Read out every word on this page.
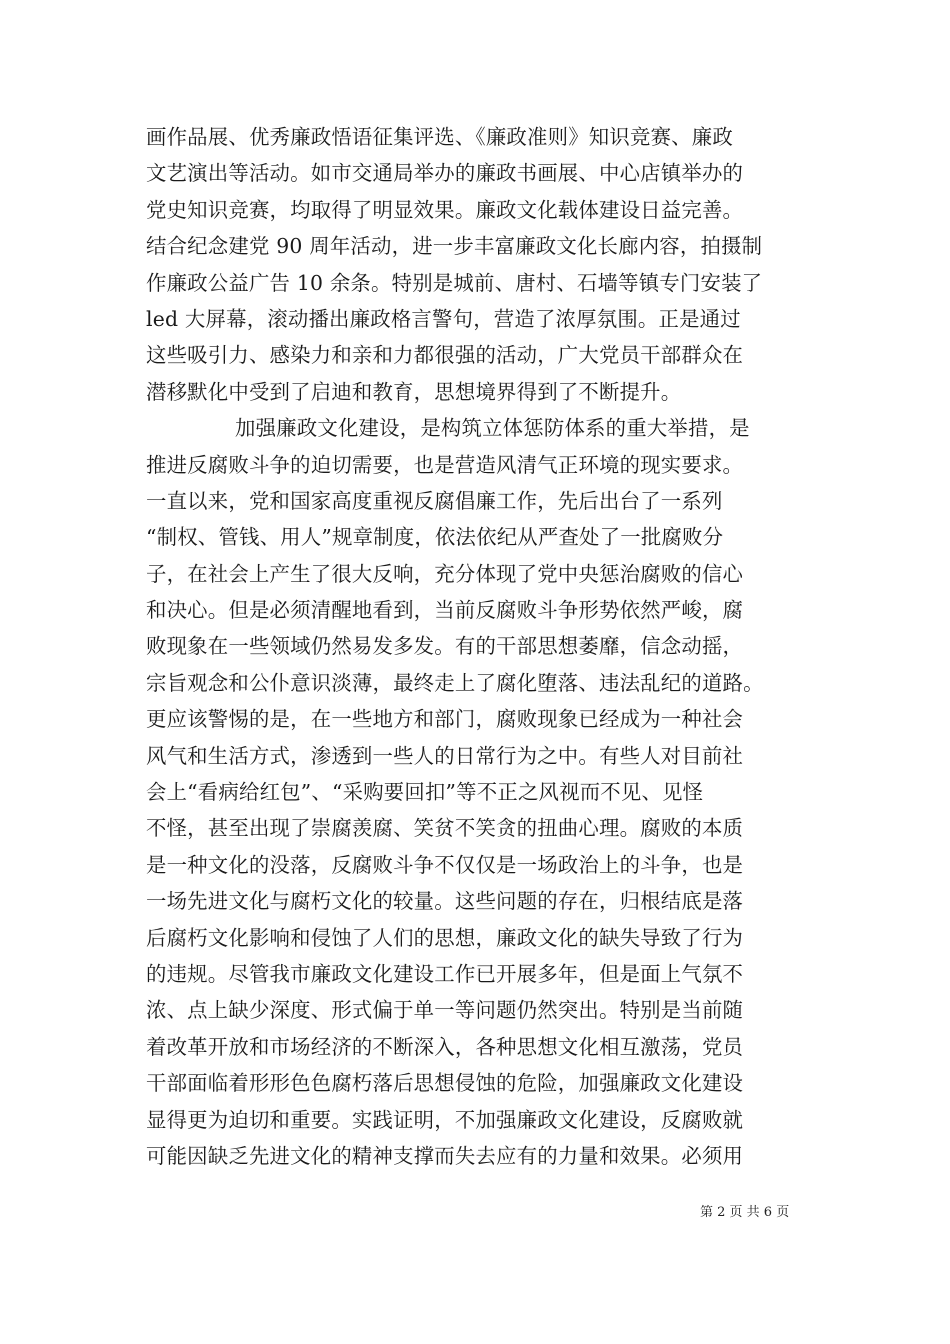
画作品展、优秀廉政悟语征集评选、《廉政准则》知识竞赛、廉政
文艺演出等活动。如市交通局举办的廉政书画展、中心店镇举办的
党史知识竞赛，均取得了明显效果。廉政文化载体建设日益完善。
结合纪念建党 90 周年活动，进一步丰富廉政文化长廊内容，拍摄制
作廉政公益广告 10 余条。特别是城前、唐村、石墙等镇专门安装了
led 大屏幕，滚动播出廉政格言警句，营造了浓厚氛围。正是通过
这些吸引力、感染力和亲和力都很强的活动，广大党员干部群众在
潜移默化中受到了启迪和教育，思想境界得到了不断提升。
加强廉政文化建设，是构筑立体惩防体系的重大举措，是
推进反腐败斗争的迫切需要，也是营造风清气正环境的现实要求。
一直以来，党和国家高度重视反腐倡廉工作，先后出台了一系列
“制权、管钱、用人”规章制度，依法依纪从严查处了一批腐败分
子，在社会上产生了很大反响，充分体现了党中央惩治腐败的信心
和决心。但是必须清醒地看到，当前反腐败斗争形势依然严峻，腐
败现象在一些领域仍然易发多发。有的干部思想萎靡，信念动摇，
宗旨观念和公仆意识淡薄，最终走上了腐化堕落、违法乱纪的道路。
更应该警惕的是，在一些地方和部门，腐败现象已经成为一种社会
风气和生活方式，渗透到一些人的日常行为之中。有些人对目前社
会上“看病给红包”、“采购要回扣”等不正之风视而不见、见怪
不怪，甚至出现了崇腐羡腐、笑贫不笑贪的扭曲心理。腐败的本质
是一种文化的没落，反腐败斗争不仅仅是一场政治上的斗争，也是
一场先进文化与腐朽文化的较量。这些问题的存在，归根结底是落
后腐朽文化影响和侵蚀了人们的思想，廉政文化的缺失导致了行为
的违规。尽管我市廉政文化建设工作已开展多年，但是面上气氛不
浓、点上缺少深度、形式偏于单一等问题仍然突出。特别是当前随
着改革开放和市场经济的不断深入，各种思想文化相互激荡，党员
干部面临着形形色色腐朽落后思想侵蚀的危险，加强廉政文化建设
显得更为迫切和重要。实践证明，不加强廉政文化建设，反腐败就
可能因缺乏先进文化的精神支撑而失去应有的力量和效果。必须用
第 2 页 共 6 页
